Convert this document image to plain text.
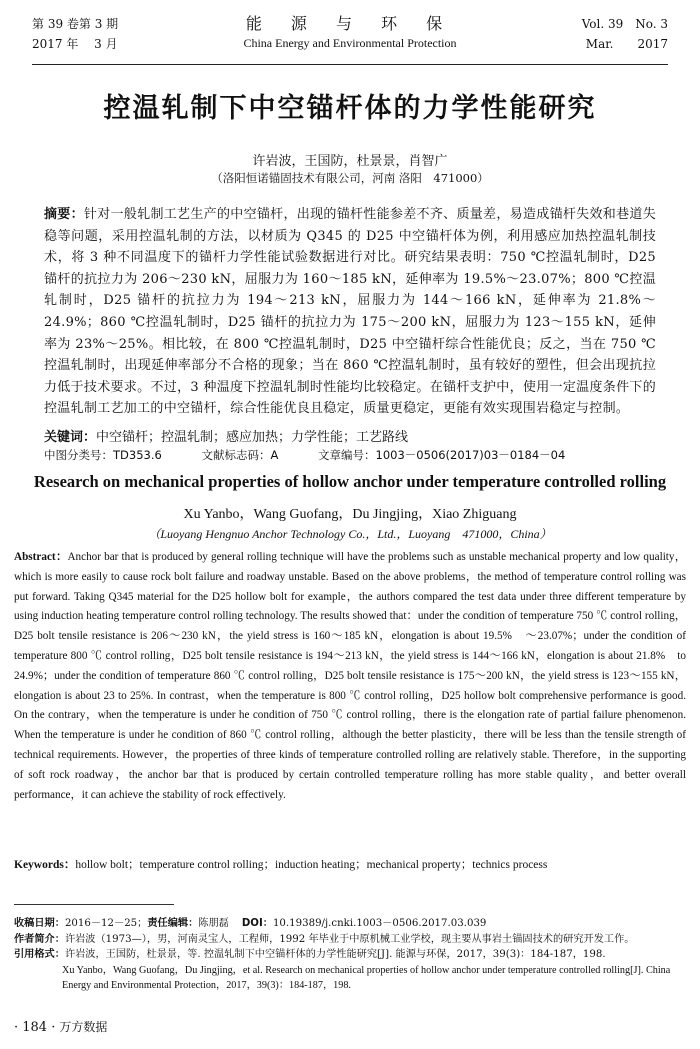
第 39 卷第 3 期
2017 年　 3 月
能 源 与 环 保
China Energy and Environmental Protection
Vol. 39　No. 3
Mar.　　2017
控温轧制下中空锚杆体的力学性能研究
许岩波，王国防，杜景景，肖智广
（洛阳恒诺锚固技术有限公司，河南 洛阳　471000）
摘要：针对一般轧制工艺生产的中空锚杆，出现的锚杆性能参差不齐、质量差，易造成锚杆失效和巷道失稳等问题，采用控温轧制的方法，以材质为 Q345 的 D25 中空锚杆体为例，利用感应加热控温轧制技术，将 3 种不同温度下的锚杆力学性能试验数据进行对比。研究结果表明：750 ℃控温轧制时，D25 锚杆的抗拉力为 206～230 kN，屈服力为 160～185 kN，延伸率为 19.5%～23.07%；800 ℃控温轧制时，D25 锚杆的抗拉力为 194～213 kN，屈服力为 144～166 kN，延伸率为 21.8%～24.9%；860 ℃控温轧制时，D25 锚杆的抗拉力为 175～200 kN，屈服力为 123～155 kN，延伸率为 23%～25%。相比较，在 800 ℃控温轧制时，D25 中空锚杆综合性能优良；反之，当在 750 ℃控温轧制时，出现延伸率部分不合格的现象；当在 860 ℃控温轧制时，虽有较好的塑性，但会出现抗拉力低于技术要求。不过，3 种温度下控温轧制时性能均比较稳定。在锚杆支护中，使用一定温度条件下的控温轧制工艺加工的中空锚杆，综合性能优良且稳定，质量更稳定，更能有效实现围岩稳定与控制。
关键词：中空锚杆；控温轧制；感应加热；力学性能；工艺路线
中图分类号：TD353.6	文献标志码：A	文章编号：1003－0506(2017)03－0184－04
Research on mechanical properties of hollow anchor under temperature controlled rolling
Xu Yanbo，Wang Guofang，Du Jingjing，Xiao Zhiguang
（Luoyang Hengnuo Anchor Technology Co.，Ltd.，Luoyang　471000，China）
Abstract：Anchor bar that is produced by general rolling technique will have the problems such as unstable mechanical property and low quality，which is more easily to cause rock bolt failure and roadway unstable. Based on the above problems，the method of temperature control rolling was put forward. Taking Q345 material for the D25 hollow bolt for example，the authors compared the test data under three different temperature by using induction heating temperature control rolling technology. The results showed that：under the condition of temperature 750 ℃ control rolling，D25 bolt tensile resistance is 206～230 kN，the yield stress is 160～185 kN，elongation is about 19.5%　～23.07%；under the condition of temperature 800 ℃ control rolling，D25 bolt tensile resistance is 194～213 kN，the yield stress is 144～166 kN，elongation is about 21.8%　to 24.9%；under the condition of temperature 860 ℃ control rolling，D25 bolt tensile resistance is 175～200 kN，the yield stress is 123～155 kN，elongation is about 23 to 25%. In contrast，when the temperature is 800 ℃ control rolling，D25 hollow bolt comprehensive performance is good. On the contrary，when the temperature is under he condition of 750 ℃ control rolling，there is the elongation rate of partial failure phenomenon. When the temperature is under he condition of 860 ℃ control rolling，although the better plasticity，there will be less than the tensile strength of technical requirements. However，the properties of three kinds of temperature controlled rolling are relatively stable. Therefore，in the supporting of soft rock roadway，the anchor bar that is produced by certain controlled temperature rolling has more stable quality，and better overall performance，it can achieve the stability of rock effectively.
Keywords：hollow bolt；temperature control rolling；induction heating；mechanical property；technics process
收稿日期：2016－12－25；责任编辑：陈朋磊 DOI：10.19389/j.cnki.1003－0506.2017.03.039
作者简介：许岩波（1973—），男，河南灵宝人，工程师，1992 年毕业于中原机械工业学校，现主要从事岩土锚固技术的研究开发工作。
引用格式：许岩波，王国防，杜景景，等. 控温轧制下中空锚杆体的力学性能研究[J]. 能源与环保，2017，39(3)：184-187，198.
Xu Yanbo，Wang Guofang，Du Jingjing，et al. Research on mechanical properties of hollow anchor under temperature controlled rolling[J]. China Energy and Environmental Protection，2017，39(3)：184-187，198.
· 184 · 万方数据
